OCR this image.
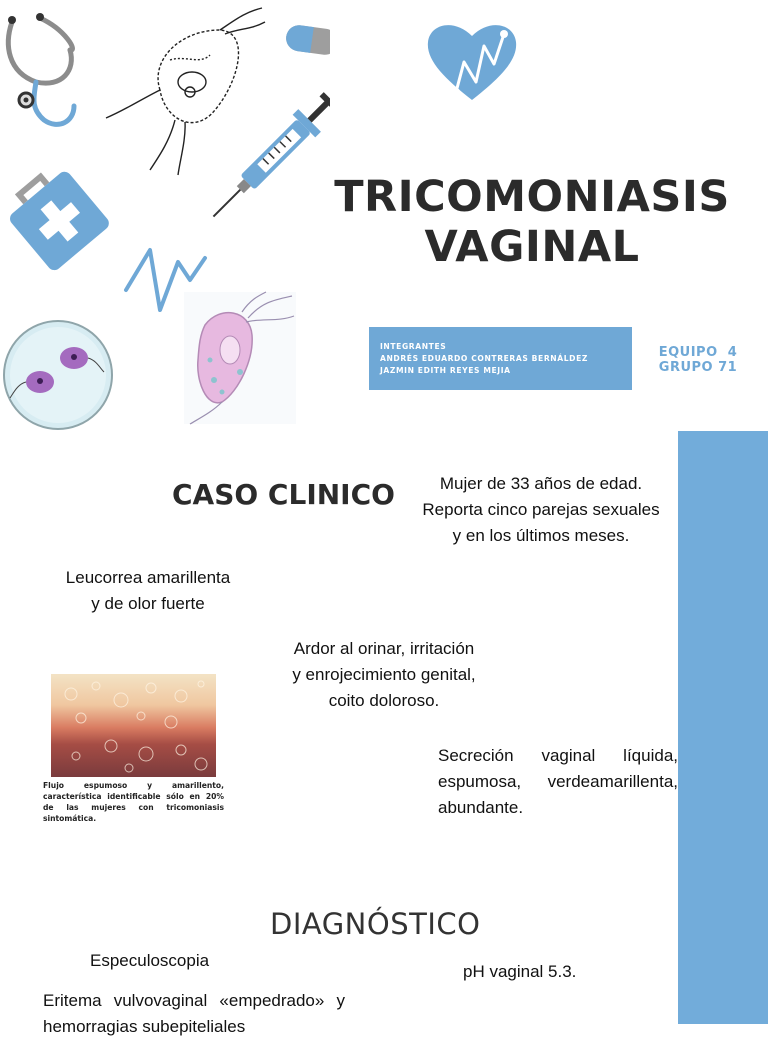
TRICOMONIASIS
VAGINAL
INTEGRANTES
ANDRÉS EDUARDO CONTRERAS BERNÁLDEZ
JAZMIN EDITH REYES MEJIA
EQUIPO  4
GRUPO 71
CASO CLINICO	Mujer de 33 años de edad.
Reporta cinco parejas sexuales
y en los últimos meses.
Leucorrea amarillenta
y de olor fuerte
Ardor al orinar, irritación
y enrojecimiento genital,
coito doloroso.
Flujo espumoso y amarillento, característica identificable sólo en 20% de las mujeres con tricomoniasis sintomática.
Secreción vaginal líquida, espumosa, verdeamarillenta, abundante.
DIAGNÓSTICO
Especuloscopia
pH vaginal 5.3.
Eritema vulvovaginal «empedrado» y hemorragias subepiteliales
